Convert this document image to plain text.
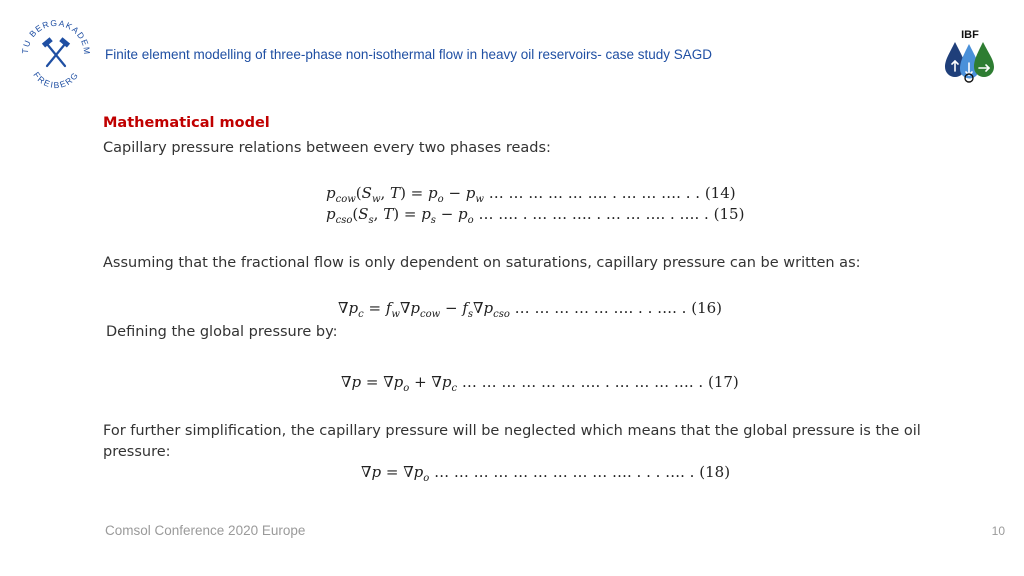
TU BERGAKADEM
FREIBERG
Finite element modelling of three-phase non-isothermal flow in heavy oil reservoirs- case study SAGD
IBF
Mathematical model
Capillary pressure relations between every two phases reads:
$p_{cow}(S_w$, $T) = p_o - p_w$ … … … … … …. . … … …. . . (14)
$p_{cso}(S_s$, $T) = p_s - p_o$ … …. . … … …. . … … …. . …. . (15)
Assuming that the fractional flow is only dependent on saturations, capillary pressure can be written as:
$\nabla p_c = f_w\nabla p_{cow} - f_s\nabla p_{cso}$ … … … … … …. . . …. . (16)
Defining the global pressure by:
$\nabla p = \nabla p_o + \nabla p_c$ … … … … … … …. . … … … …. . (17)
For further simplification, the capillary pressure will be neglected which means that the global pressure is the oil
pressure:
$\nabla p = \nabla p_o$ … … … … … … … … … …. . . . …. . (18)
Comsol Conference 2020 Europe	10
